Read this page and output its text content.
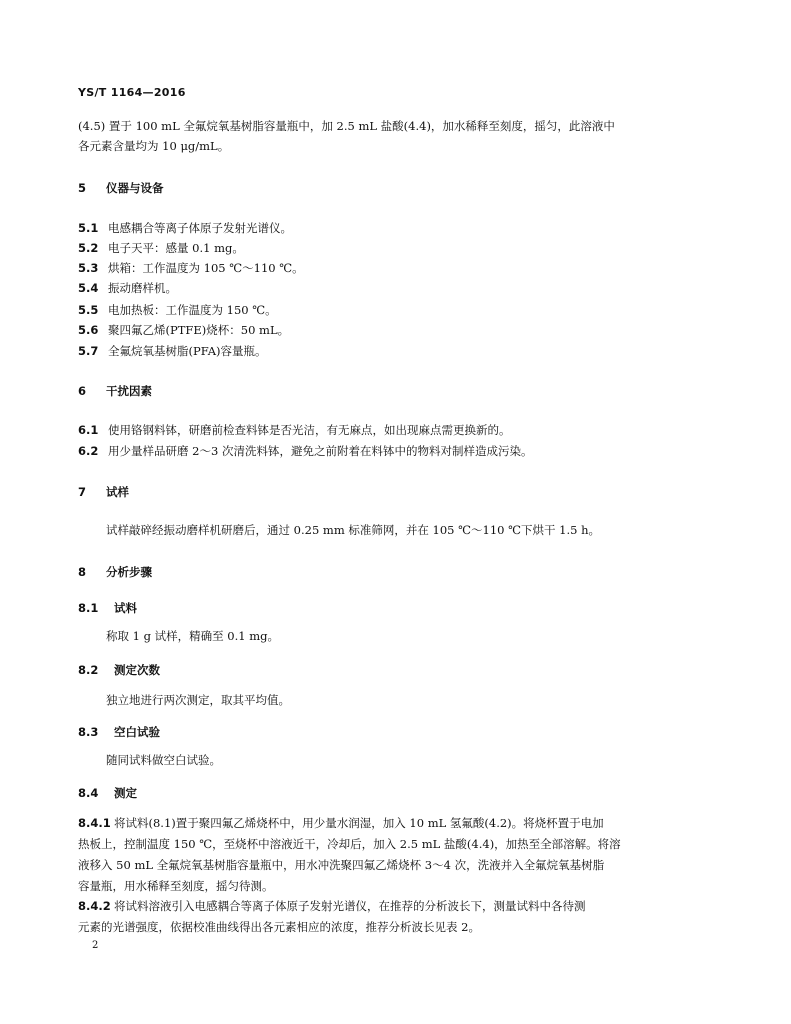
YS/T 1164—2016
(4.5) 置于 100 mL 全氟烷氧基树脂容量瓶中，加 2.5 mL 盐酸(4.4)，加水稀释至刻度，摇匀，此溶液中
各元素含量均为 10 μg/mL。
5 仪器与设备
5.1 电感耦合等离子体原子发射光谱仪。
5.2 电子天平：感量 0.1 mg。
5.3 烘箱：工作温度为 105 ℃～110 ℃。
5.4 振动磨样机。
5.5 电加热板：工作温度为 150 ℃。
5.6 聚四氟乙烯(PTFE)烧杯：50 mL。
5.7 全氟烷氧基树脂(PFA)容量瓶。
6 干扰因素
6.1 使用铬钢料钵，研磨前检查料钵是否光洁，有无麻点，如出现麻点需更换新的。
6.2 用少量样品研磨 2～3 次清洗料钵，避免之前附着在料钵中的物料对制样造成污染。
7 试样
试样敲碎经振动磨样机研磨后，通过 0.25 mm 标准筛网，并在 105 ℃～110 ℃下烘干 1.5 h。
8 分析步骤
8.1 试料
称取 1 g 试样，精确至 0.1 mg。
8.2 测定次数
独立地进行两次测定，取其平均值。
8.3 空白试验
随同试料做空白试验。
8.4 测定
8.4.1 将试料(8.1)置于聚四氟乙烯烧杯中，用少量水润湿，加入 10 mL 氢氟酸(4.2)。将烧杯置于电加
热板上，控制温度 150 ℃，至烧杯中溶液近干，冷却后，加入 2.5 mL 盐酸(4.4)，加热至全部溶解。将溶
液移入 50 mL 全氟烷氧基树脂容量瓶中，用水冲洗聚四氟乙烯烧杯 3～4 次，洗液并入全氟烷氧基树脂
容量瓶，用水稀释至刻度，摇匀待测。
8.4.2 将试料溶液引入电感耦合等离子体原子发射光谱仪，在推荐的分析波长下，测量试料中各待测
元素的光谱强度，依据校准曲线得出各元素相应的浓度，推荐分析波长见表 2。
2
